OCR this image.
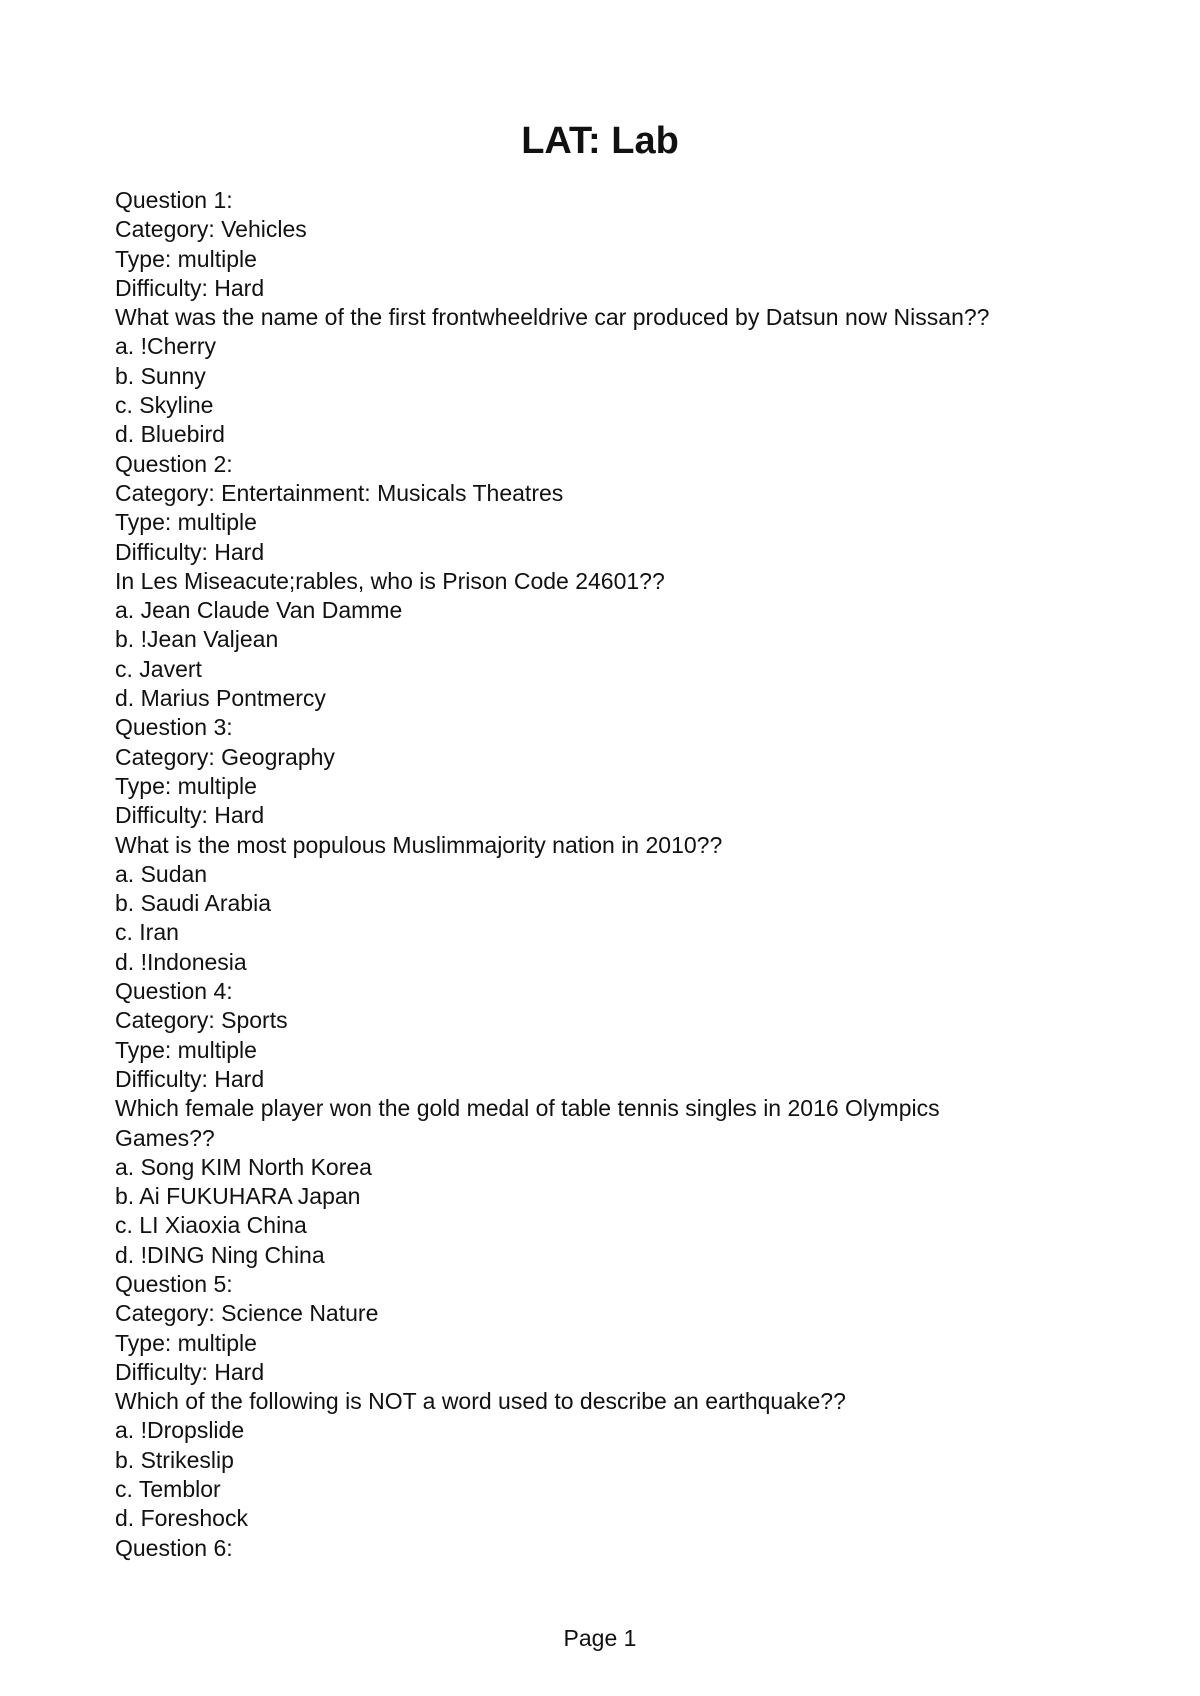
LAT: Lab
Question 1:
Category: Vehicles
Type: multiple
Difficulty: Hard
What was the name of the first frontwheeldrive car produced by Datsun now Nissan??
a. !Cherry
b. Sunny
c. Skyline
d. Bluebird
Question 2:
Category: Entertainment: Musicals Theatres
Type: multiple
Difficulty: Hard
In Les Miseacute;rables, who is Prison Code 24601??
a. Jean Claude Van Damme
b. !Jean Valjean
c. Javert
d. Marius Pontmercy
Question 3:
Category: Geography
Type: multiple
Difficulty: Hard
What is the most populous Muslimmajority nation in 2010??
a. Sudan
b. Saudi Arabia
c. Iran
d. !Indonesia
Question 4:
Category: Sports
Type: multiple
Difficulty: Hard
Which female player won the gold medal of table tennis singles in 2016 Olympics Games??
a. Song KIM North Korea
b. Ai FUKUHARA Japan
c. LI Xiaoxia China
d. !DING Ning China
Question 5:
Category: Science Nature
Type: multiple
Difficulty: Hard
Which of the following is NOT a word used to describe an earthquake??
a. !Dropslide
b. Strikeslip
c. Temblor
d. Foreshock
Question 6:
Page 1
